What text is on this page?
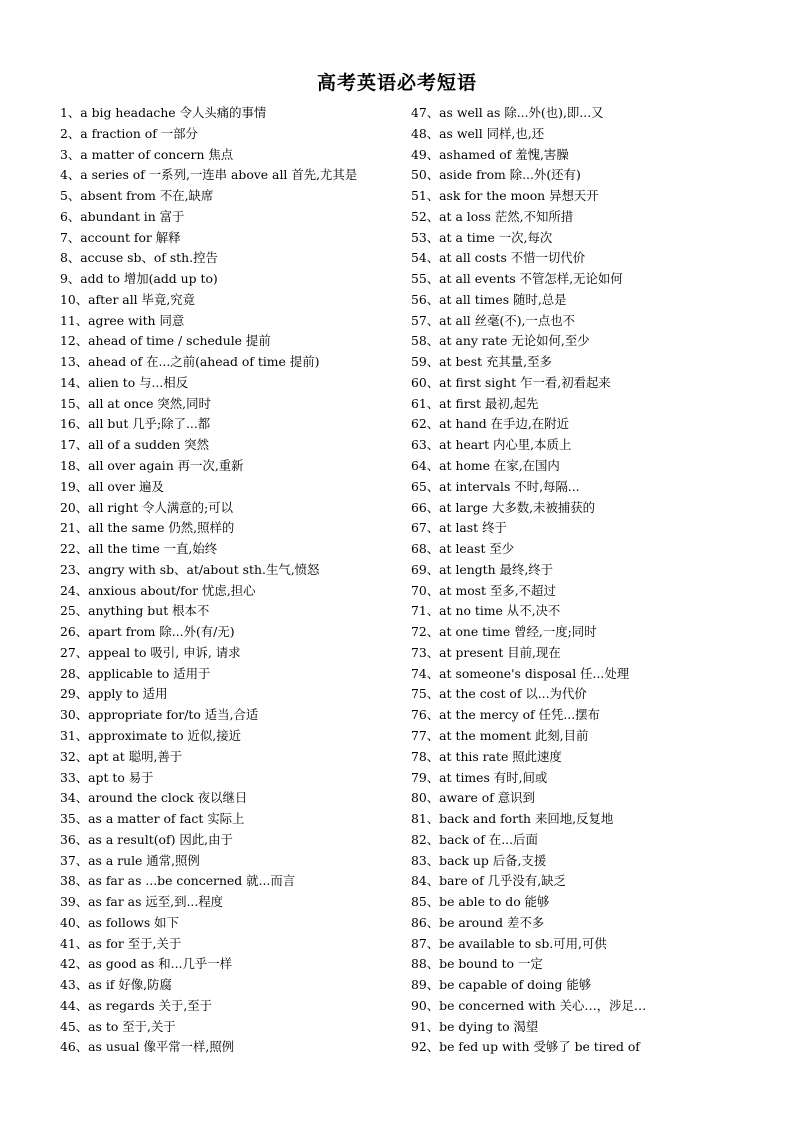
高考英语必考短语
1、a big headache 令人头痛的事情
2、a fraction of 一部分
3、a matter of concern 焦点
4、a series of 一系列,一连串 above all 首先,尤其是
5、absent from 不在,缺席
6、abundant in 富于
7、account for 解释
8、accuse sb、of sth.控告
9、add to 增加(add up to)
10、after all 毕竟,究竟
11、agree with 同意
12、ahead of time / schedule 提前
13、ahead of 在...之前(ahead of time 提前)
14、alien to 与...相反
15、all at once 突然,同时
16、all but 几乎;除了...都
17、all of a sudden 突然
18、all over again 再一次,重新
19、all over 遍及
20、all right 令人满意的;可以
21、all the same 仍然,照样的
22、all the time 一直,始终
23、angry with sb、at/about sth.生气,愤怒
24、anxious about/for 忧虑,担心
25、anything but 根本不
26、apart from 除...外(有/无)
27、appeal to 吸引, 申诉, 请求
28、applicable to 适用于
29、apply to 适用
30、appropriate for/to 适当,合适
31、approximate to 近似,接近
32、apt at 聪明,善于
33、apt to 易于
34、around the clock 夜以继日
35、as a matter of fact 实际上
36、as a result(of) 因此,由于
37、as a rule 通常,照例
38、as far as ...be concerned 就...而言
39、as far as 远至,到...程度
40、as follows 如下
41、as for 至于,关于
42、as good as 和...几乎一样
43、as if 好像,防腐
44、as regards 关于,至于
45、as to 至于,关于
46、as usual 像平常一样,照例
47、as well as 除...外(也),即...又
48、as well 同样,也,还
49、ashamed of 羞愧,害臊
50、aside from 除...外(还有)
51、ask for the moon 异想天开
52、at a loss 茫然,不知所措
53、at a time 一次,每次
54、at all costs 不惜一切代价
55、at all events 不管怎样,无论如何
56、at all times 随时,总是
57、at all 丝毫(不),一点也不
58、at any rate 无论如何,至少
59、at best 充其量,至多
60、at first sight 乍一看,初看起来
61、at first 最初,起先
62、at hand 在手边,在附近
63、at heart 内心里,本质上
64、at home 在家,在国内
65、at intervals 不时,每隔...
66、at large 大多数,未被捕获的
67、at last 终于
68、at least 至少
69、at length 最终,终于
70、at most 至多,不超过
71、at no time 从不,决不
72、at one time 曾经,一度;同时
73、at present 目前,现在
74、at someone's disposal 任...处理
75、at the cost of 以...为代价
76、at the mercy of 任凭...摆布
77、at the moment 此刻,目前
78、at this rate 照此速度
79、at times 有时,间或
80、aware of 意识到
81、back and forth 来回地,反复地
82、back of 在...后面
83、back up 后备,支援
84、bare of 几乎没有,缺乏
85、be able to do 能够
86、be around 差不多
87、be available to sb.可用,可供
88、be bound to 一定
89、be capable of doing 能够
90、be concerned with 关心…，涉足…
91、be dying to 渴望
92、be fed up with 受够了 be tired of
